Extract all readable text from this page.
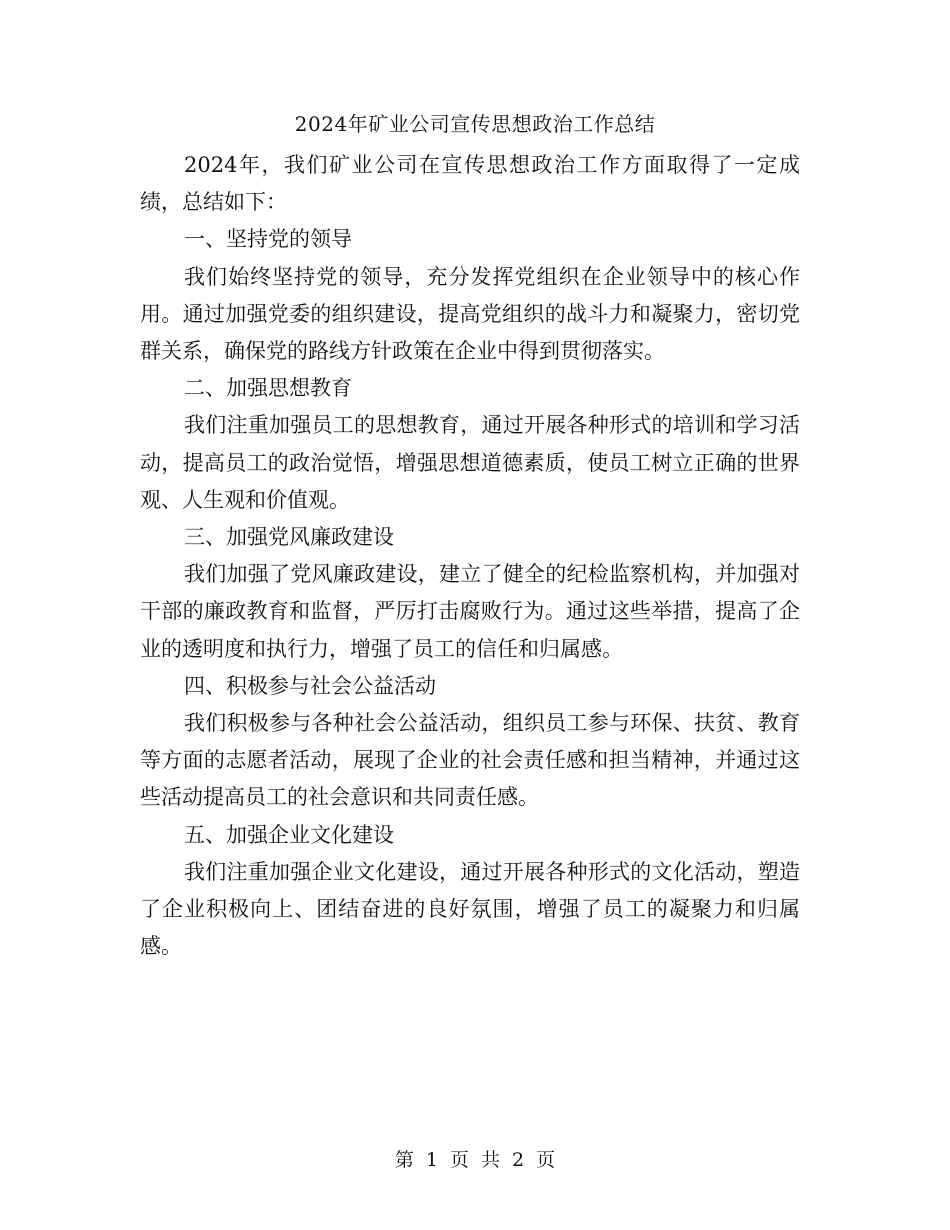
2024年矿业公司宣传思想政治工作总结

2024年，我们矿业公司在宣传思想政治工作方面取得了一定成绩，总结如下：

一、坚持党的领导

我们始终坚持党的领导，充分发挥党组织在企业领导中的核心作用。通过加强党委的组织建设，提高党组织的战斗力和凝聚力，密切党群关系，确保党的路线方针政策在企业中得到贯彻落实。

二、加强思想教育

我们注重加强员工的思想教育，通过开展各种形式的培训和学习活动，提高员工的政治觉悟，增强思想道德素质，使员工树立正确的世界观、人生观和价值观。

三、加强党风廉政建设

我们加强了党风廉政建设，建立了健全的纪检监察机构，并加强对干部的廉政教育和监督，严厉打击腐败行为。通过这些举措，提高了企业的透明度和执行力，增强了员工的信任和归属感。

四、积极参与社会公益活动

我们积极参与各种社会公益活动，组织员工参与环保、扶贫、教育等方面的志愿者活动，展现了企业的社会责任感和担当精神，并通过这些活动提高员工的社会意识和共同责任感。

五、加强企业文化建设

我们注重加强企业文化建设，通过开展各种形式的文化活动，塑造了企业积极向上、团结奋进的良好氛围，增强了员工的凝聚力和归属感。

第 1 页 共 2 页
